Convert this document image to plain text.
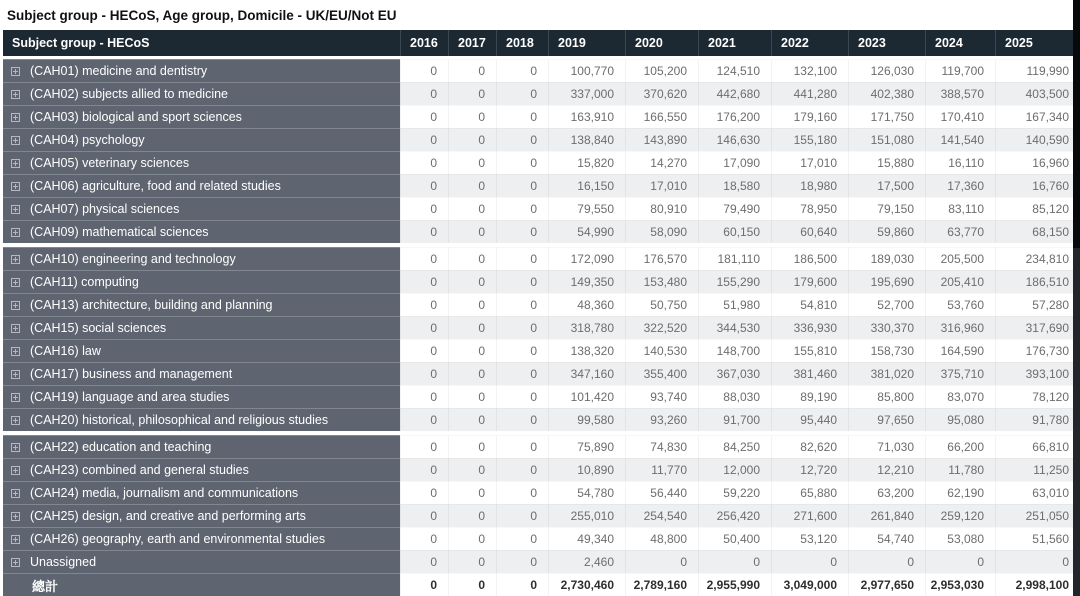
Subject group - HECoS, Age group, Domicile - UK/EU/Not EU
Subject group - HECoS	2016	2017	2018	2019	2020	2021	2022	2023	2024	2025
(CAH01) medicine and dentistry	0	0	0	100,770	105,200	124,510	132,100	126,030	119,700	119,990
(CAH02) subjects allied to medicine	0	0	0	337,000	370,620	442,680	441,280	402,380	388,570	403,500
(CAH03) biological and sport sciences	0	0	0	163,910	166,550	176,200	179,160	171,750	170,410	167,340
(CAH04) psychology	0	0	0	138,840	143,890	146,630	155,180	151,080	141,540	140,590
(CAH05) veterinary sciences	0	0	0	15,820	14,270	17,090	17,010	15,880	16,110	16,960
(CAH06) agriculture, food and related studies	0	0	0	16,150	17,010	18,580	18,980	17,500	17,360	16,760
(CAH07) physical sciences	0	0	0	79,550	80,910	79,490	78,950	79,150	83,110	85,120
(CAH09) mathematical sciences	0	0	0	54,990	58,090	60,150	60,640	59,860	63,770	68,150
(CAH10) engineering and technology	0	0	0	172,090	176,570	181,110	186,500	189,030	205,500	234,810
(CAH11) computing	0	0	0	149,350	153,480	155,290	179,600	195,690	205,410	186,510
(CAH13) architecture, building and planning	0	0	0	48,360	50,750	51,980	54,810	52,700	53,760	57,280
(CAH15) social sciences	0	0	0	318,780	322,520	344,530	336,930	330,370	316,960	317,690
(CAH16) law	0	0	0	138,320	140,530	148,700	155,810	158,730	164,590	176,730
(CAH17) business and management	0	0	0	347,160	355,400	367,030	381,460	381,020	375,710	393,100
(CAH19) language and area studies	0	0	0	101,420	93,740	88,030	89,190	85,800	83,070	78,120
(CAH20) historical, philosophical and religious studies	0	0	0	99,580	93,260	91,700	95,440	97,650	95,080	91,780
(CAH22) education and teaching	0	0	0	75,890	74,830	84,250	82,620	71,030	66,200	66,810
(CAH23) combined and general studies	0	0	0	10,890	11,770	12,000	12,720	12,210	11,780	11,250
(CAH24) media, journalism and communications	0	0	0	54,780	56,440	59,220	65,880	63,200	62,190	63,010
(CAH25) design, and creative and performing arts	0	0	0	255,010	254,540	256,420	271,600	261,840	259,120	251,050
(CAH26) geography, earth and environmental studies	0	0	0	49,340	48,800	50,400	53,120	54,740	53,080	51,560
Unassigned	0	0	0	2,460	0	0	0	0	0	0
總計	0	0	0	2,730,460	2,789,160	2,955,990	3,049,000	2,977,650	2,953,030	2,998,100
